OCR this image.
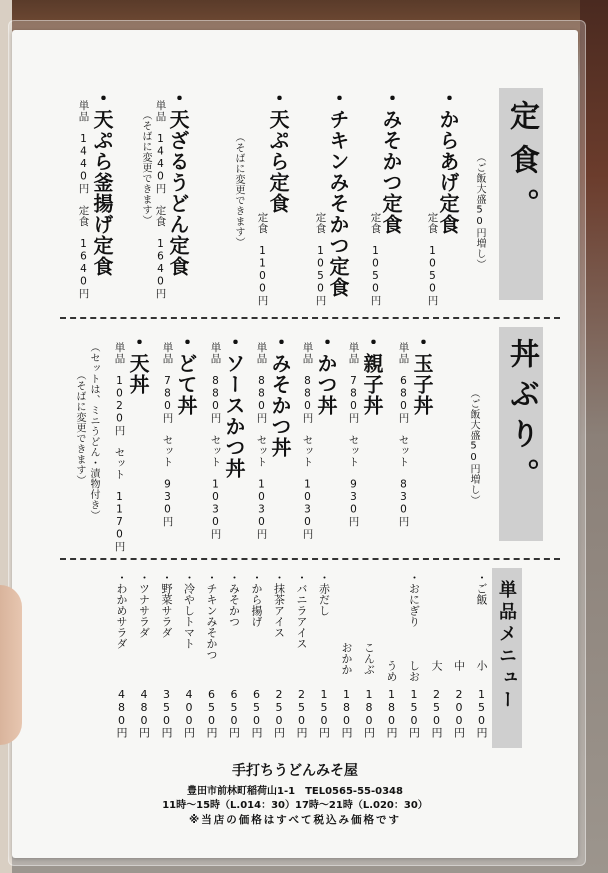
定食。
（ご飯大盛50円増し）
・からあげ定食
定食　1050円
・みそかつ定食
定食　1050円
・チキンみそかつ定食
定食　1050円
・天ぷら定食
（そばに変更できます）
定食　1100円
・天ざるうどん定食
単品　1440円　定食　1640円
（そばに変更できます）
・天ぷら釜揚げ定食
単品　1440円　定食　1640円
丼ぶり。
（ご飯大盛50円増し）
・玉子丼
単品　680円　セット　830円
・親子丼
単品　780円　セット　930円
・かつ丼
単品　880円　セット　1030円
・みそかつ丼
単品　880円　セット　1030円
・ソースかつ丼
単品　880円　セット　1030円
・どて丼
単品　780円　セット　930円
・天丼
単品　1020円　セット　1170円
（セットは、ミニうどん・漬物付き）
（そばに変更できます）
単品メニュー
・ご飯
小
150円
中
200円
大
250円
・おにぎり
しお
150円
うめ
180円
こんぶ
180円
おかか
180円
・赤だし
150円
・バニラアイス
250円
・抹茶アイス
250円
・から揚げ
650円
・みそかつ
650円
・チキンみそかつ
650円
・冷やしトマト
400円
・野菜サラダ
350円
・ツナサラダ
480円
・わかめサラダ
480円
手打ちうどんみそ屋
豊田市前林町稲荷山1-1　TEL0565-55-0348
11時～15時（L.014：30）17時～21時（L.020：30）
※当店の価格はすべて税込み価格です
